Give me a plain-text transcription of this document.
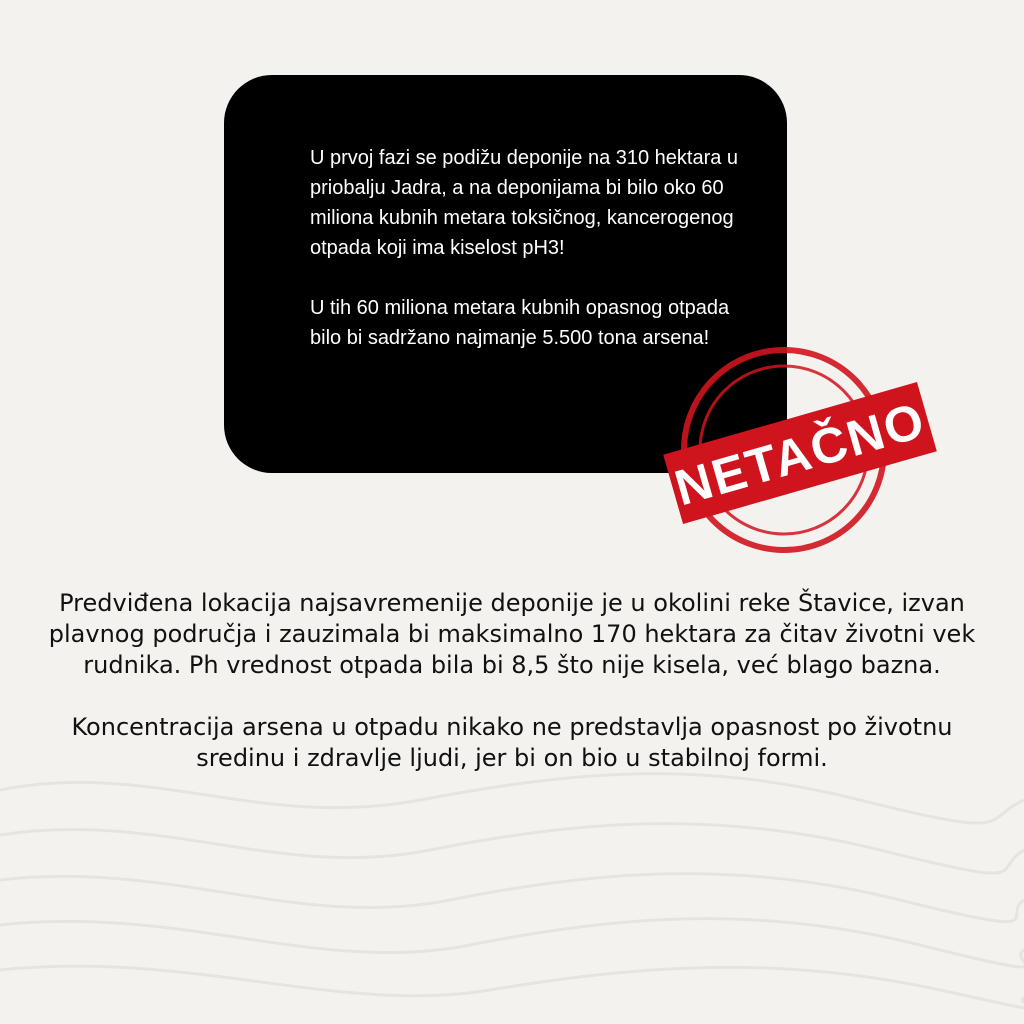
U prvoj fazi se podižu deponije na 310 hektara u priobalju Jadra, a na deponijama bi bilo oko 60 miliona kubnih metara toksičnog, kancerogenog otpada koji ima kiselost pH3!

U tih 60 miliona metara kubnih opasnog otpada bilo bi sadržano najmanje 5.500 tona arsena!

NETAČNO

Predviđena lokacija najsavremenije deponije je u okolini reke Štavice, izvan plavnog područja i zauzimala bi maksimalno 170 hektara za čitav životni vek rudnika. Ph vrednost otpada bila bi 8,5 što nije kisela, već blago bazna.

Koncentracija arsena u otpadu nikako ne predstavlja opasnost po životnu sredinu i zdravlje ljudi, jer bi on bio u stabilnoj formi.
